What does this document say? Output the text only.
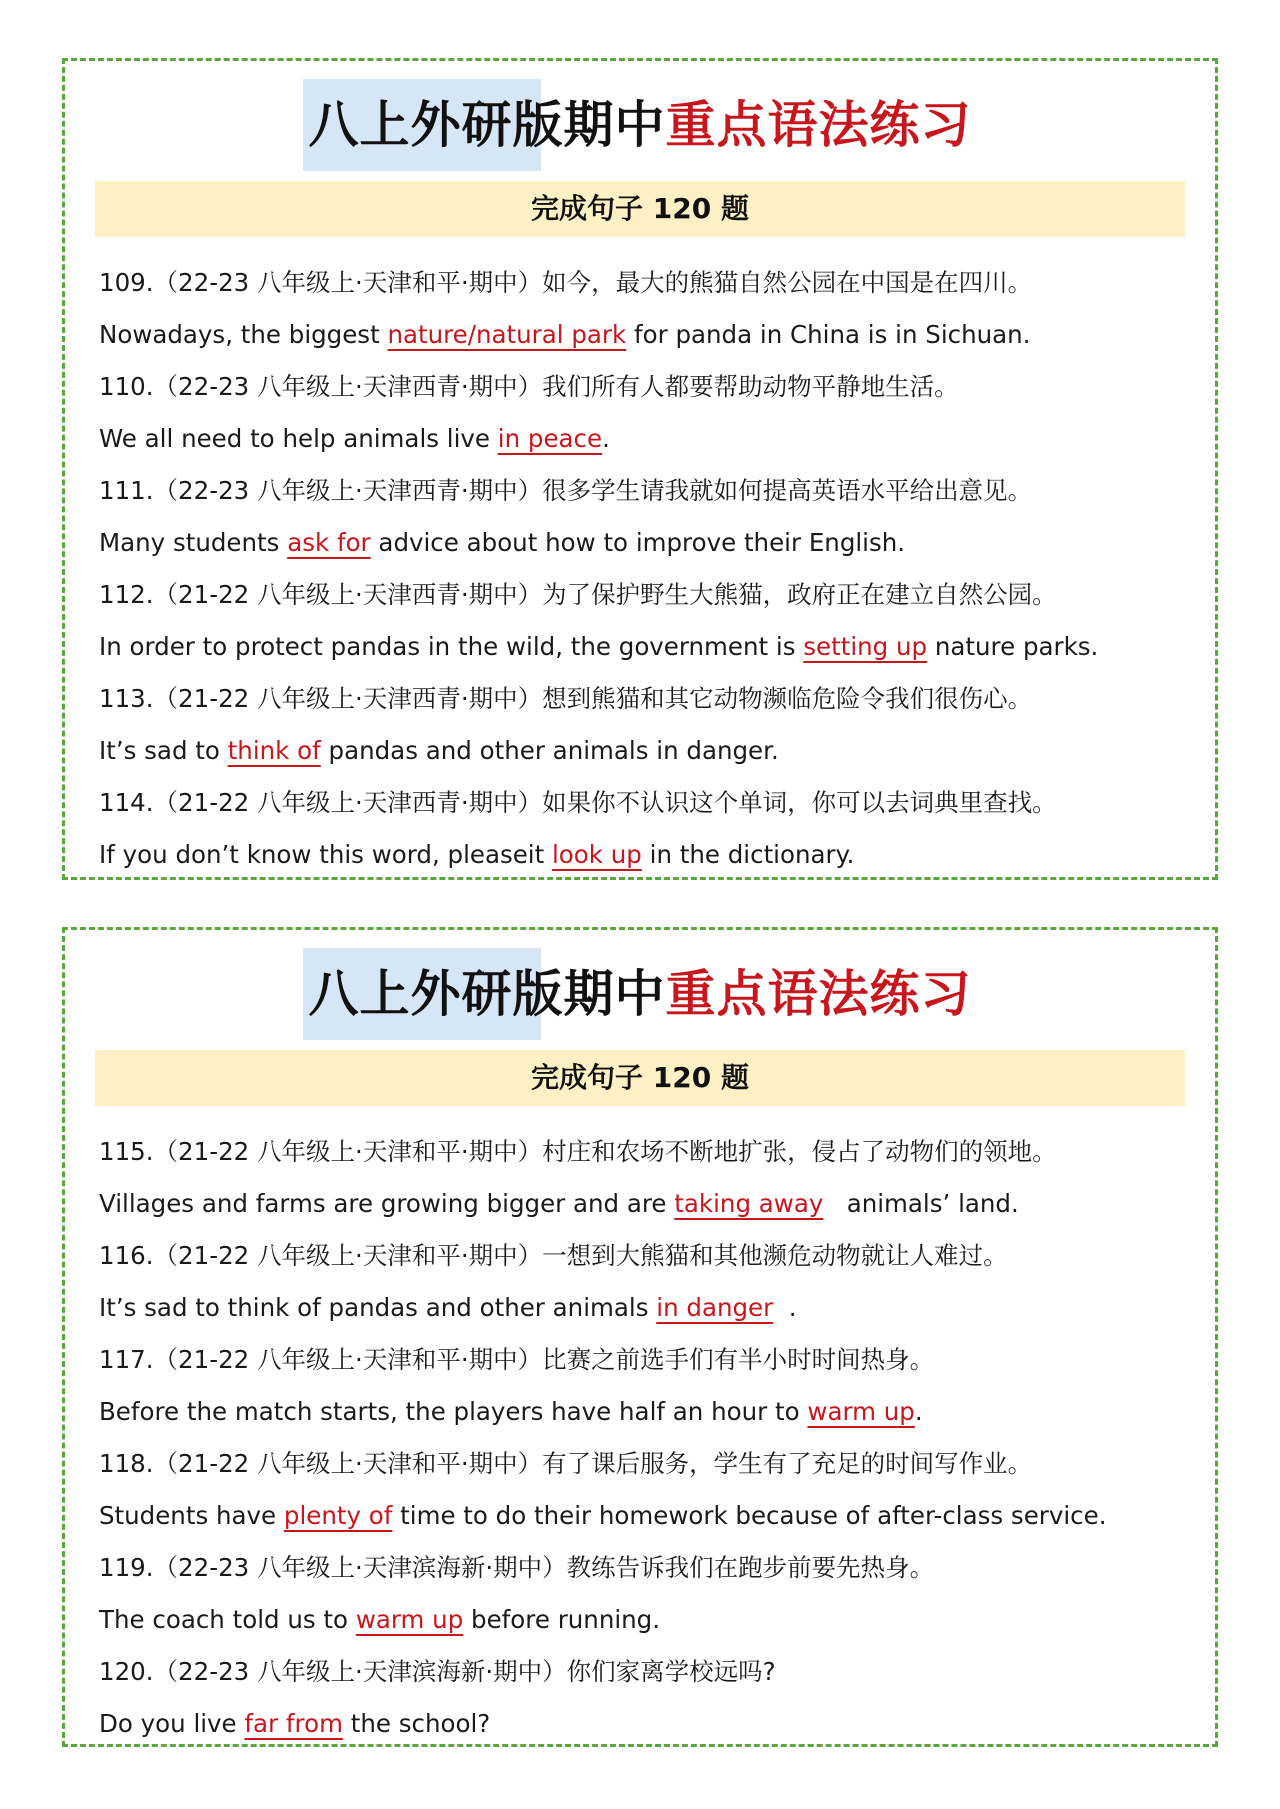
八上外研版期中重点语法练习
完成句子 120 题
109.（22-23 八年级上·天津和平·期中）如今，最大的熊猫自然公园在中国是在四川。
Nowadays, the biggest nature/natural park for panda in China is in Sichuan.
110.（22-23 八年级上·天津西青·期中）我们所有人都要帮助动物平静地生活。
We all need to help animals live in peace.
111.（22-23 八年级上·天津西青·期中）很多学生请我就如何提高英语水平给出意见。
Many students ask for advice about how to improve their English.
112.（21-22 八年级上·天津西青·期中）为了保护野生大熊猫，政府正在建立自然公园。
In order to protect pandas in the wild, the government is setting up nature parks.
113.（21-22 八年级上·天津西青·期中）想到熊猫和其它动物濒临危险令我们很伤心。
It’s sad to think of pandas and other animals in danger.
114.（21-22 八年级上·天津西青·期中）如果你不认识这个单词，你可以去词典里查找。
If you don’t know this word, pleaseit look up in the dictionary.
八上外研版期中重点语法练习
完成句子 120 题
115.（21-22 八年级上·天津和平·期中）村庄和农场不断地扩张，侵占了动物们的领地。
Villages and farms are growing bigger and are taking away   animals’ land.
116.（21-22 八年级上·天津和平·期中）一想到大熊猫和其他濒危动物就让人难过。
It’s sad to think of pandas and other animals in danger  .
117.（21-22 八年级上·天津和平·期中）比赛之前选手们有半小时时间热身。
Before the match starts, the players have half an hour to warm up.
118.（21-22 八年级上·天津和平·期中）有了课后服务，学生有了充足的时间写作业。
Students have plenty of time to do their homework because of after-class service.
119.（22-23 八年级上·天津滨海新·期中）教练告诉我们在跑步前要先热身。
The coach told us to warm up before running.
120.（22-23 八年级上·天津滨海新·期中）你们家离学校远吗?
Do you live far from the school?
